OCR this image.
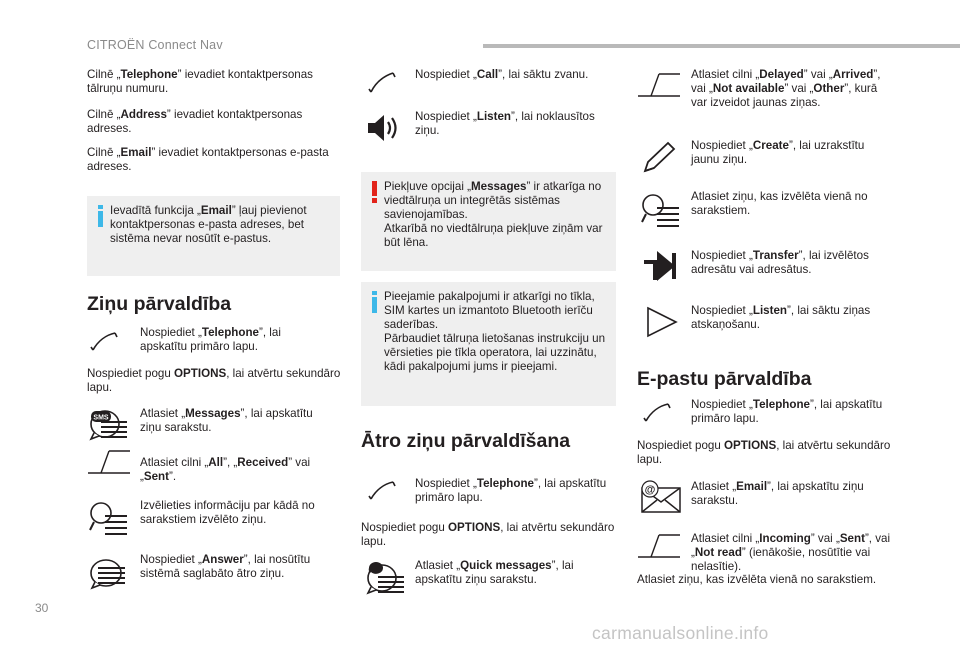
CITROËN Connect Nav
Cilnē „Telephone” ievadiet kontaktpersonas tālruņu numuru.
Cilnē „Address” ievadiet kontaktpersonas adreses.
Cilnē „Email” ievadiet kontaktpersonas e-pasta adreses.
Ievadītā funkcija „Email” ļauj pievienot kontaktpersonas e-pasta adreses, bet sistēma nevar nosūtīt e-pastus.
Ziņu pārvaldība
Nospiediet „Telephone”, lai apskatītu primāro lapu.
Nospiediet pogu OPTIONS, lai atvērtu sekundāro lapu.
SMS	Atlasiet „Messages”, lai apskatītu ziņu sarakstu.
Atlasiet cilni „All”, „Received” vai „Sent”.
Izvēlieties informāciju par kādā no sarakstiem izvēlēto ziņu.
Nospiediet „Answer”, lai nosūtītu sistēmā saglabāto ātro ziņu.
Nospiediet „Call”, lai sāktu zvanu.
Nospiediet „Listen”, lai noklausītos ziņu.
Piekļuve opcijai „Messages” ir atkarīga no viedtālruņa un integrētās sistēmas savienojamības.
Atkarībā no viedtālruņa piekļuve ziņām var būt lēna.
Pieejamie pakalpojumi ir atkarīgi no tīkla, SIM kartes un izmantoto Bluetooth ierīču saderības.
Pārbaudiet tālruņa lietošanas instrukciju un vērsieties pie tīkla operatora, lai uzzinātu, kādi pakalpojumi jums ir pieejami.
Ātro ziņu pārvaldīšana
Nospiediet „Telephone”, lai apskatītu primāro lapu.
Nospiediet pogu OPTIONS, lai atvērtu sekundāro lapu.
Atlasiet „Quick messages”, lai apskatītu ziņu sarakstu.
Atlasiet cilni „Delayed” vai „Arrived”, vai „Not available” vai „Other”, kurā var izveidot jaunas ziņas.
Nospiediet „Create”, lai uzrakstītu jaunu ziņu.
Atlasiet ziņu, kas izvēlēta vienā no sarakstiem.
Nospiediet „Transfer”, lai izvēlētos adresātu vai adresātus.
Nospiediet „Listen”, lai sāktu ziņas atskaņošanu.
E-pastu pārvaldība
Nospiediet „Telephone”, lai apskatītu primāro lapu.
Nospiediet pogu OPTIONS, lai atvērtu sekundāro lapu.
@	Atlasiet „Email”, lai apskatītu ziņu sarakstu.
Atlasiet cilni „Incoming” vai „Sent”, vai „Not read” (ienākošie, nosūtītie vai nelasītie).
Atlasiet ziņu, kas izvēlēta vienā no sarakstiem.
30
carmanualsonline.info
